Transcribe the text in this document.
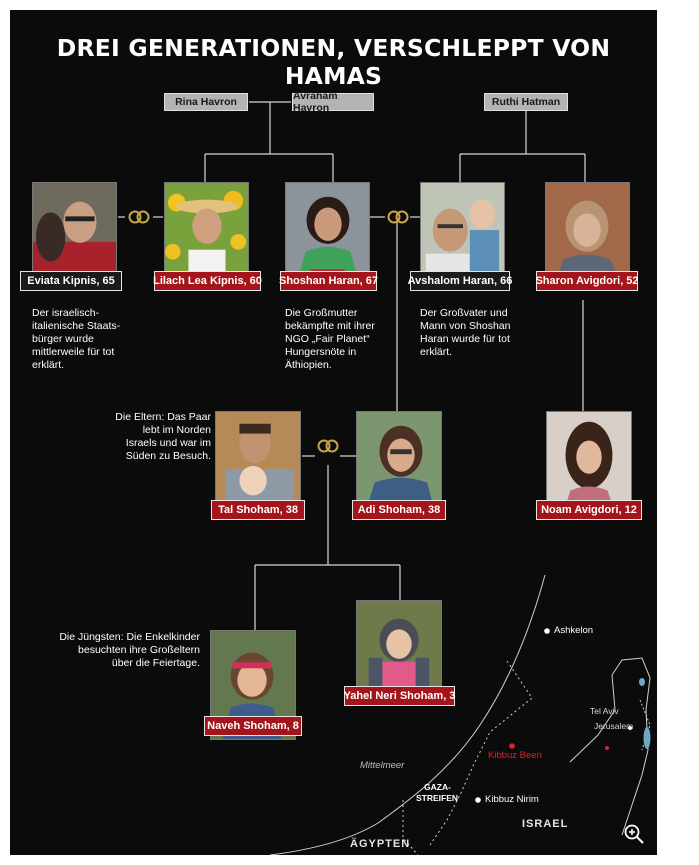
DREI GENERATIONEN, VERSCHLEPPT VON HAMAS
Rina Havron	Avraham Havron	Ruthi Hatman
Eviata Kipnis, 65	Lilach Lea Kipnis, 60 Shoshan Haran, 67	Avshalom Haran, 66 Sharon Avigdori, 52
Der israelisch-
italienische Staats-
bürger wurde
mittlerweile für tot
erklärt.
Die Großmutter
bekämpfte mit ihrer
NGO „Fair Planet“
Hungersnöte in
Äthiopien.
Der Großvater und
Mann von Shoshan
Haran wurde für tot
erklärt.
Die Eltern: Das Paar
lebt im Norden
Israels und war im
Süden zu Besuch.
Die Jüngsten: Die Enkelkinder
besuchten ihre Großeltern
über die Feiertage.
Tal Shoham, 38	Adi Shoham, 38	Noam Avigdori, 12
Yahel Neri Shoham, 3
Naveh Shoham, 8
Ashkelon
Tel Aviv
Jerusalem
Kibbuz Beeri
Mittelmeer
GAZA-
STREIFEN	Kibbuz Nirim
ISRAEL
ÄGYPTEN
